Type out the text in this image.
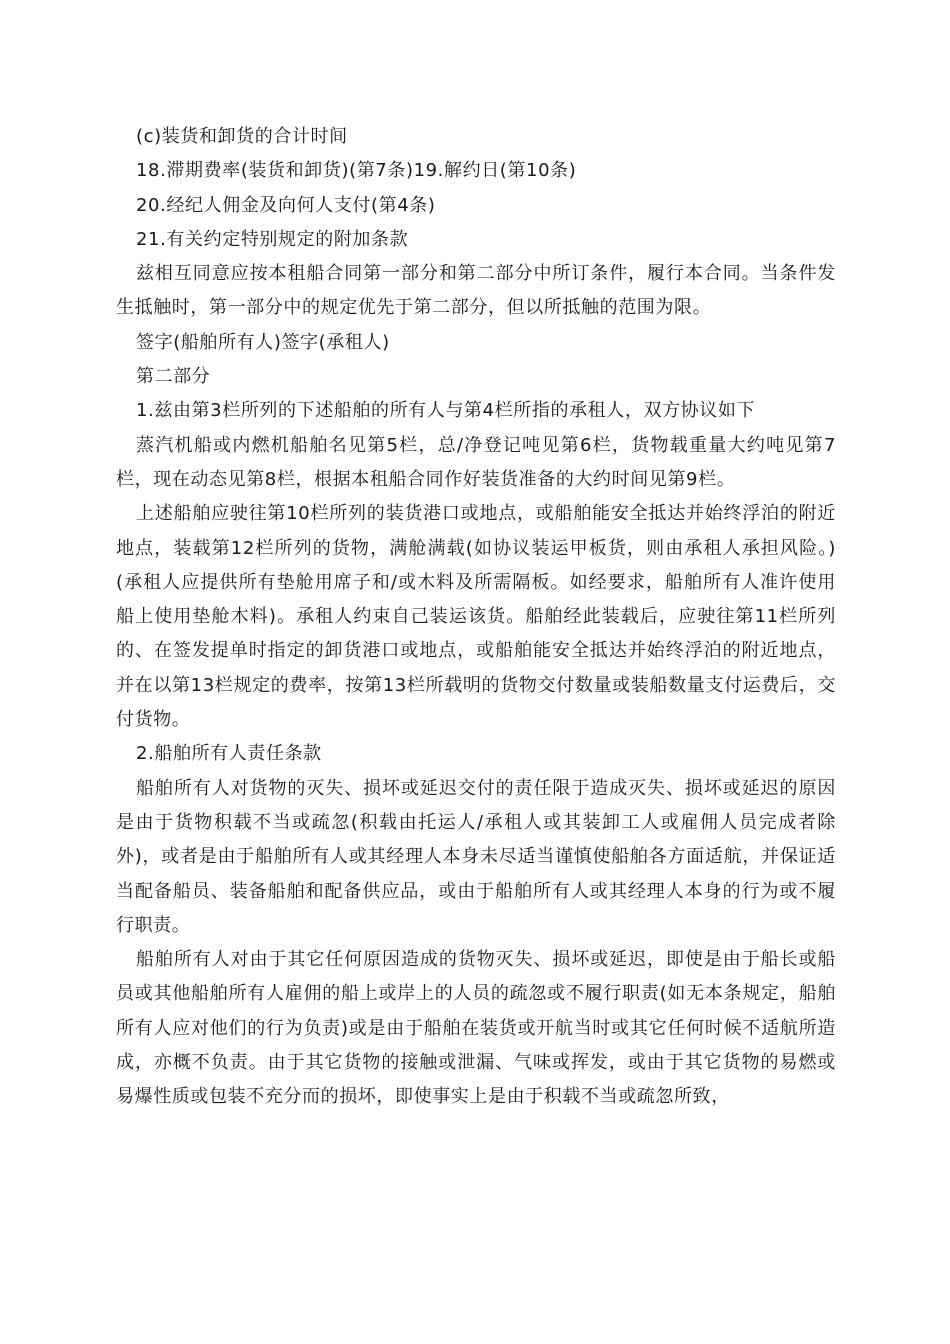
(c)装货和卸货的合计时间

18.滞期费率(装货和卸货)(第7条)19.解约日(第10条)

20.经纪人佣金及向何人支付(第4条)

21.有关约定特别规定的附加条款

兹相互同意应按本租船合同第一部分和第二部分中所订条件，履行本合同。当条件发生抵触时，第一部分中的规定优先于第二部分，但以所抵触的范围为限。

签字(船舶所有人)签字(承租人)

第二部分

1.兹由第3栏所列的下述船舶的所有人与第4栏所指的承租人，双方协议如下

蒸汽机船或内燃机船舶名见第5栏，总/净登记吨见第6栏，货物载重量大约吨见第7栏，现在动态见第8栏，根据本租船合同作好装货准备的大约时间见第9栏。

上述船舶应驶往第10栏所列的装货港口或地点，或船舶能安全抵达并始终浮泊的附近地点，装载第12栏所列的货物，满舱满载(如协议装运甲板货，则由承租人承担风险。)(承租人应提供所有垫舱用席子和/或木料及所需隔板。如经要求，船舶所有人准许使用船上使用垫舱木料)。承租人约束自己装运该货。船舶经此装载后，应驶往第11栏所列的、在签发提单时指定的卸货港口或地点，或船舶能安全抵达并始终浮泊的附近地点，并在以第13栏规定的费率，按第13栏所载明的货物交付数量或装船数量支付运费后，交付货物。

2.船舶所有人责任条款

船舶所有人对货物的灭失、损坏或延迟交付的责任限于造成灭失、损坏或延迟的原因是由于货物积载不当或疏忽(积载由托运人/承租人或其装卸工人或雇佣人员完成者除外)，或者是由于船舶所有人或其经理人本身未尽适当谨慎使船舶各方面适航，并保证适当配备船员、装备船舶和配备供应品，或由于船舶所有人或其经理人本身的行为或不履行职责。

船舶所有人对由于其它任何原因造成的货物灭失、损坏或延迟，即使是由于船长或船员或其他船舶所有人雇佣的船上或岸上的人员的疏忽或不履行职责(如无本条规定，船舶所有人应对他们的行为负责)或是由于船舶在装货或开航当时或其它任何时候不适航所造成，亦概不负责。由于其它货物的接触或泄漏、气味或挥发，或由于其它货物的易燃或易爆性质或包装不充分而的损坏，即使事实上是由于积载不当或疏忽所致，
